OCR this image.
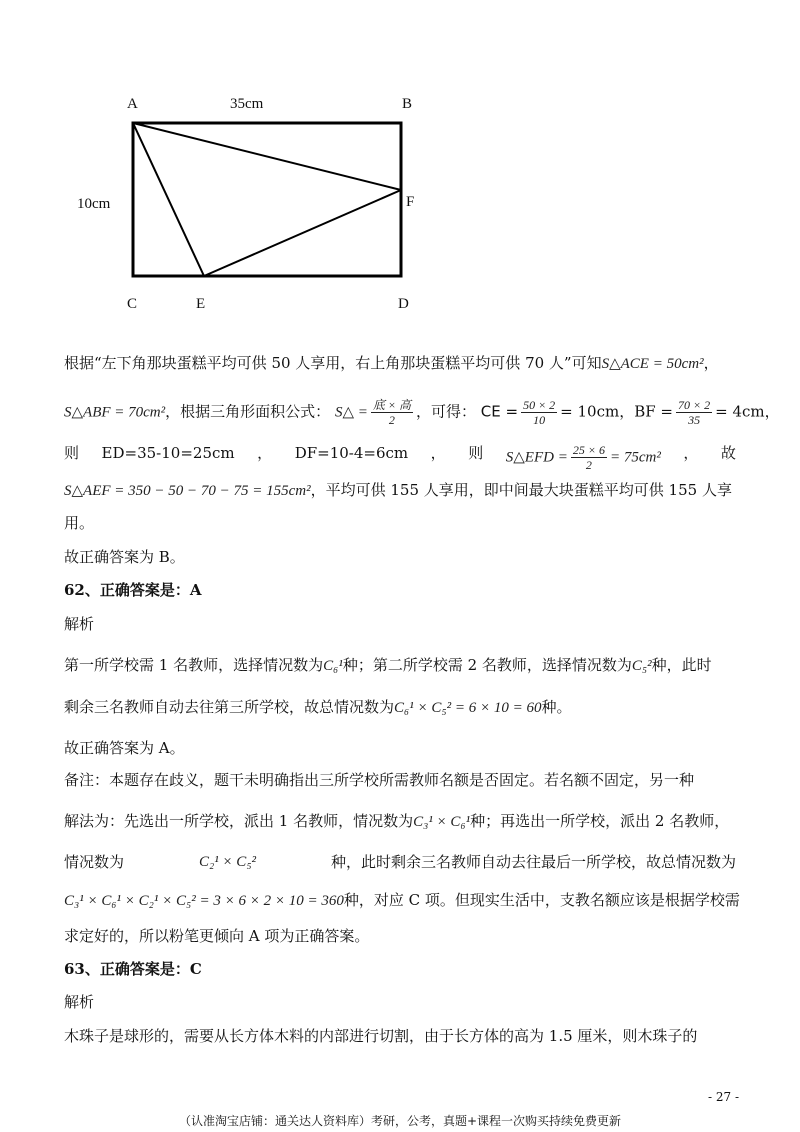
A	B
C	E	D
F
35cm
10cm
根据“左下角那块蛋糕平均可供 50 人享用，右上角那块蛋糕平均可供 70 人”可知S△ACE = 50cm²，
S△ABF = 70cm²，根据三角形面积公式： S△ = $\frac{\text{底 × 高}}{2}$ ，可得： CE = $\frac{50 \times 2}{10} = 10cm$，BF = $\frac{70 \times 2}{35} = 4cm$，
则 ED=35-10=25cm ， DF=10-4=6cm ， 则 S△EFD = $\frac{25 \times 6}{2} = 75cm^2$ ， 故
S△AEF = 350 − 50 − 70 − 75 = 155cm²，平均可供 155 人享用，即中间最大块蛋糕平均可供 155 人享
用。
故正确答案为 B。
62、正确答案是：A
解析
第一所学校需 1 名教师，选择情况数为C₆¹种；第二所学校需 2 名教师，选择情况数为C₅²种，此时
剩余三名教师自动去往第三所学校，故总情况数为C₆¹ × C₅² = 6 × 10 = 60种。
故正确答案为 A。
备注：本题存在歧义，题干未明确指出三所学校所需教师名额是否固定。若名额不固定，另一种
解法为：先选出一所学校，派出 1 名教师，情况数为C₃¹ × C₆¹种；再选出一所学校，派出 2 名教师，
情况数为	C₂¹ × C₅²	种，此时剩余三名教师自动去往最后一所学校，故总情况数为
C₃¹ × C₆¹ × C₂¹ × C₅² = 3 × 6 × 2 × 10 = 360种，对应 C 项。但现实生活中，支教名额应该是根据学校需
求定好的，所以粉笔更倾向 A 项为正确答案。
63、正确答案是：C
解析
木珠子是球形的，需要从长方体木料的内部进行切割，由于长方体的高为 1.5 厘米，则木珠子的
- 27 -
（认准淘宝店铺：通关达人资料库）考研，公考，真题+课程一次购买持续免费更新
